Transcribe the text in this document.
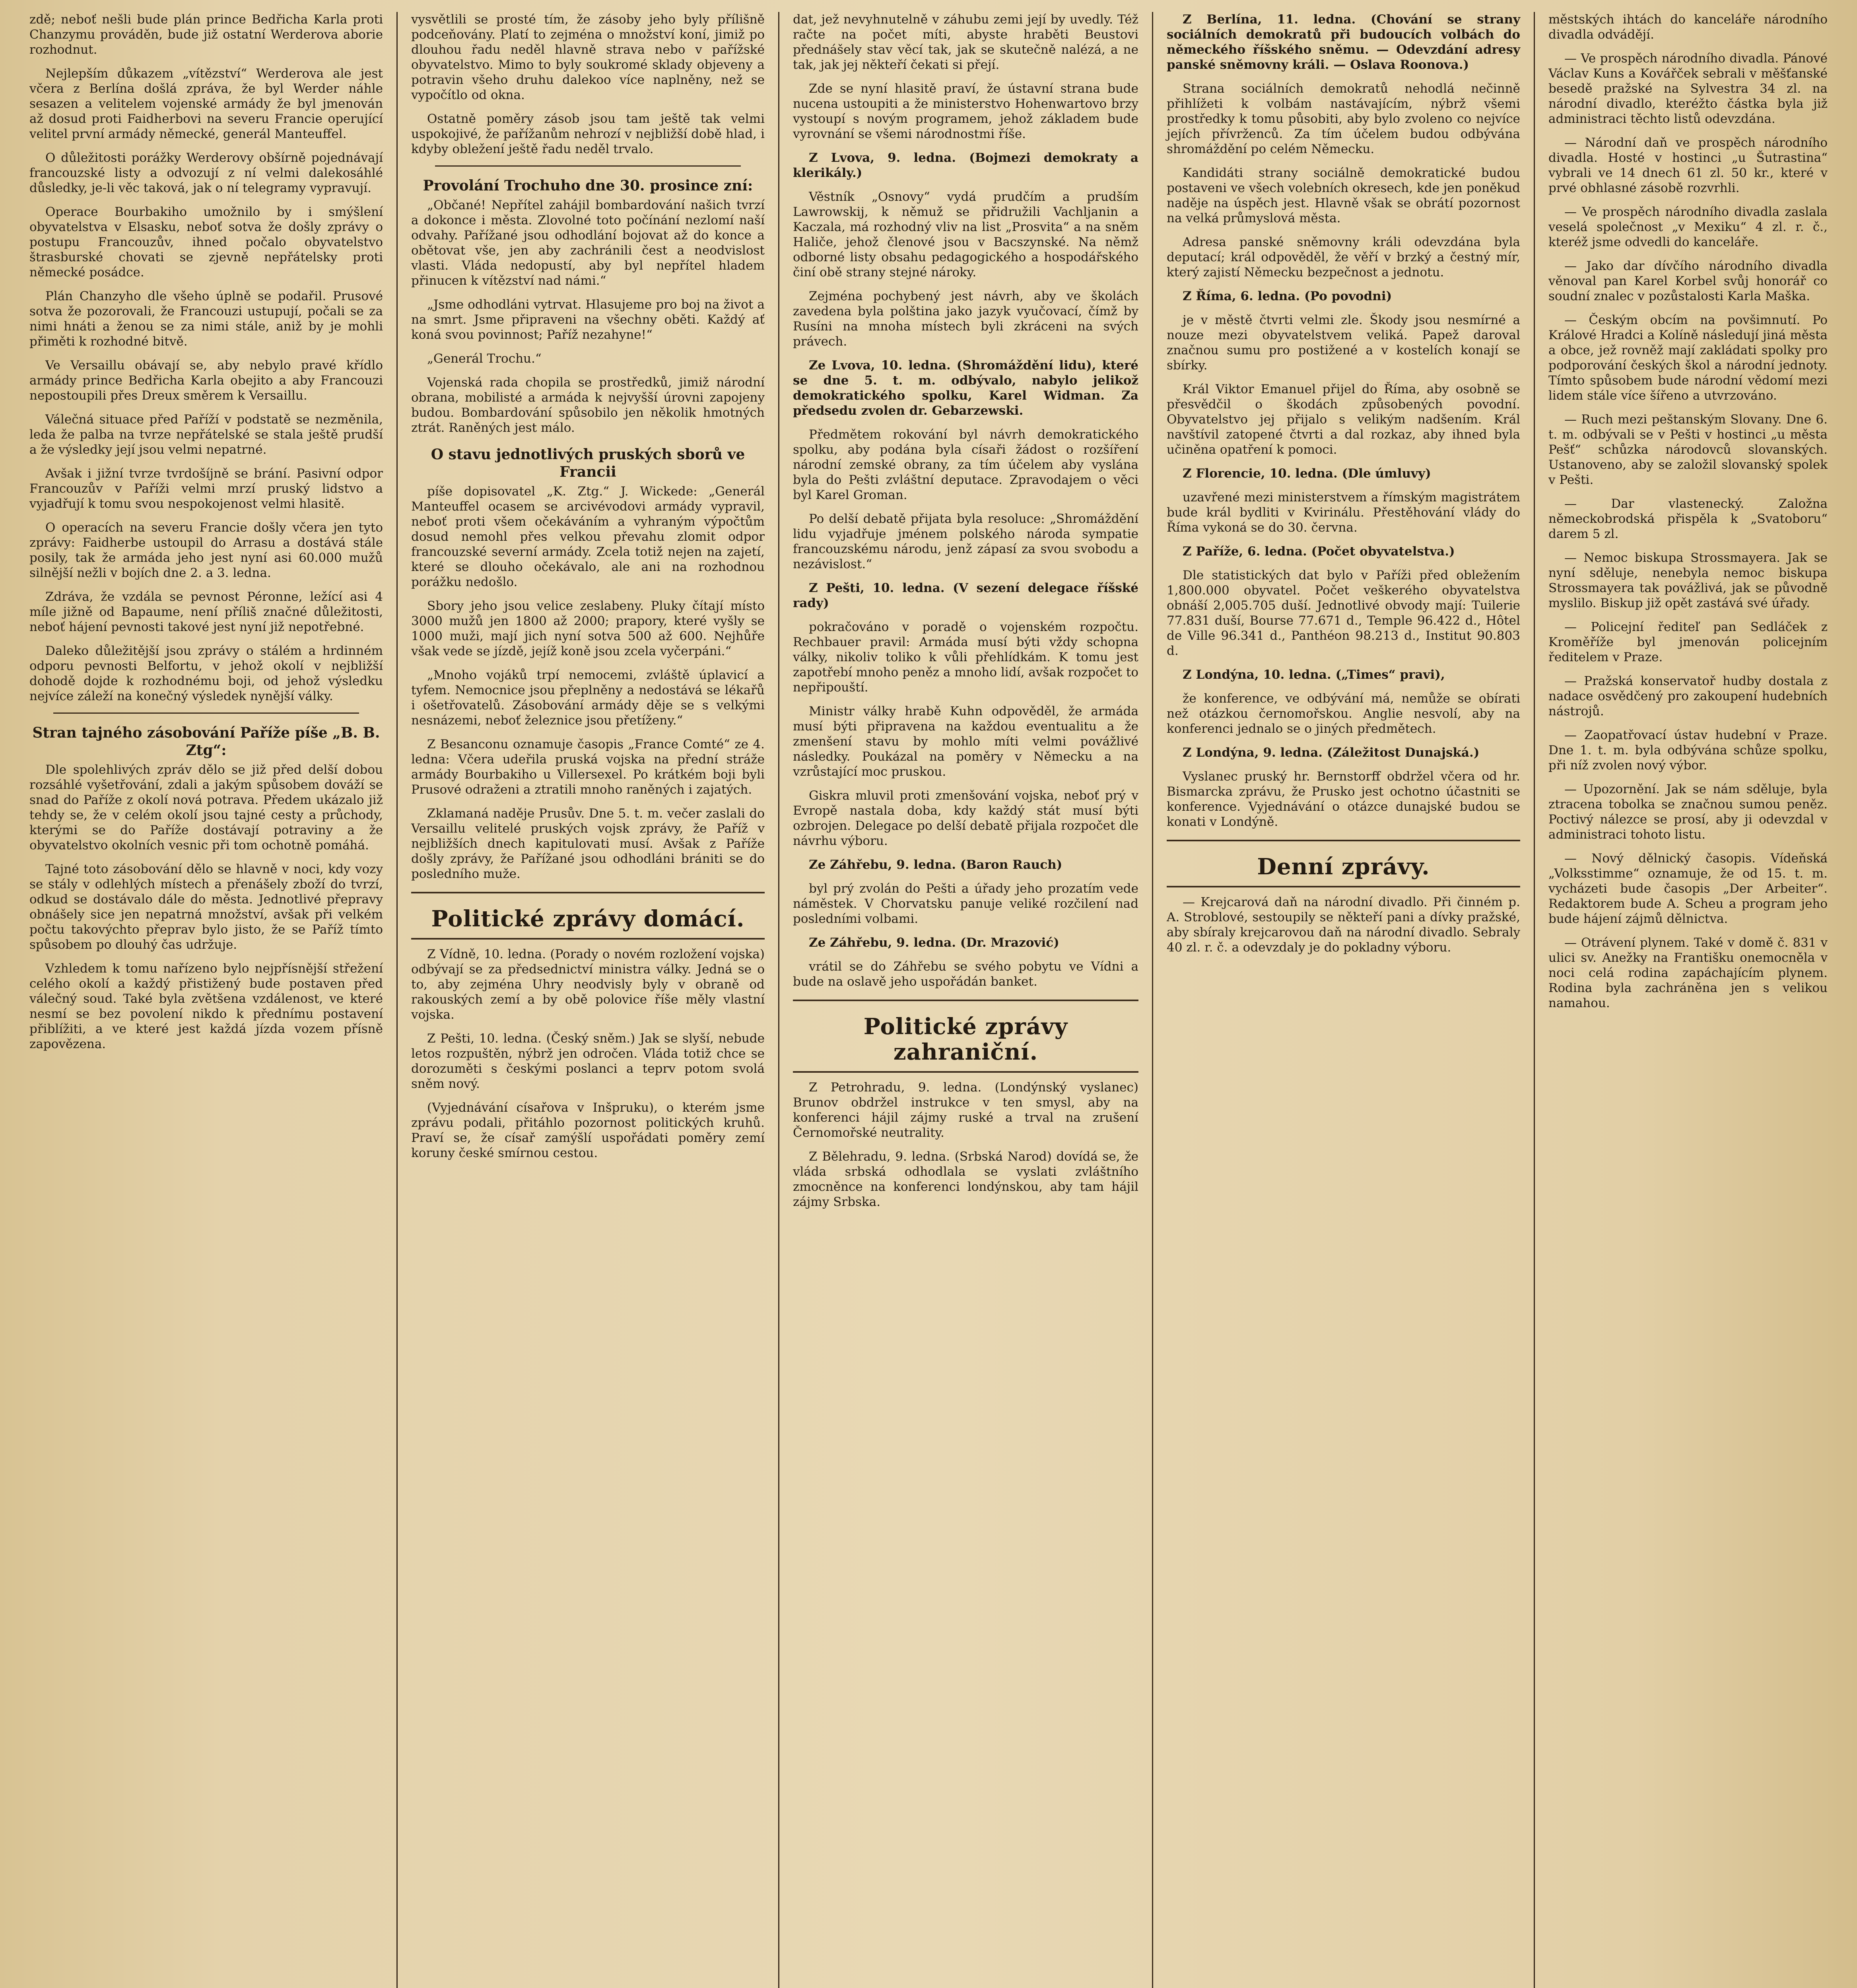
zdě; neboť nešli bude plán prince Bedřicha Karla proti Chanzymu prováděn, bude již ostatní Werderova aborie rozhodnut.

Nejlepším důkazem „vítězství“ Werderova ale jest včera z Berlína došlá zpráva, že byl Werder náhle sesazen a velitelem vojenské armády že byl jmenován až dosud proti Faidherbovi na severu Francie operující velitel první armády německé, generál Manteuffel.

O důležitosti porážky Werderovy obšírně pojednávají francouzské listy a odvozují z ní velmi dalekosáhlé důsledky, je-li věc taková, jak o ní telegramy vypravují.

Operace Bourbakiho umožnilo by i smýšlení obyvatelstva v Elsasku, neboť sotva že došly zprávy o postupu Francouzův, ihned počalo obyvatelstvo štrasburské chovati se zjevně nepřátelsky proti německé posádce.

Plán Chanzyho dle všeho úplně se podařil. Prusové sotva že pozorovali, že Francouzi ustupují, počali se za nimi hnáti a ženou se za nimi stále, aniž by je mohli přiměti k rozhodné bitvě.

Ve Versaillu obávají se, aby nebylo pravé křídlo armády prince Bedřicha Karla obejito a aby Francouzi nepostoupili přes Dreux směrem k Versaillu.

Válečná situace před Paříží v podstatě se nezměnila, leda že palba na tvrze nepřátelské se stala ještě prudší a že výsledky její jsou velmi nepatrné.

Avšak i jižní tvrze tvrdošíjně se brání. Pasivní odpor Francouzův v Paříži velmi mrzí pruský lidstvo a vyjadřují k tomu svou nespokojenost velmi hlasitě.

O operacích na severu Francie došly včera jen tyto zprávy: Faidherbe ustoupil do Arrasu a dostává stále posily, tak že armáda jeho jest nyní asi 60.000 mužů silnější nežli v bojích dne 2. a 3. ledna.

Zdráva, že vzdála se pevnost Péronne, ležící asi 4 míle jižně od Bapaume, není příliš značné důležitosti, neboť hájení pevnosti takové jest nyní již nepotřebné.

Daleko důležitější jsou zprávy o stálém a hrdinném odporu pevnosti Belfortu, v jehož okolí v nejbližší dohodě dojde k rozhodnému boji, od jehož výsledku nejvíce záleží na konečný výsledek nynější války.

Stran tajného zásobování Paříže píše „B. B. Ztg“:

Dle spolehlivých zpráv dělo se již před delší dobou rozsáhlé vyšetřování, zdali a jakým spůsobem dováží se snad do Paříže z okolí nová potrava. Předem ukázalo již tehdy se, že v celém okolí jsou tajné cesty a průchody, kterými se do Paříže dostávají potraviny a že obyvatelstvo okolních vesnic při tom ochotně pomáhá.

Tajné toto zásobování dělo se hlavně v noci, kdy vozy se stály v odlehlých místech a přenášely zboží do tvrzí, odkud se dostávalo dále do města. Jednotlivé přepravy obnášely sice jen nepatrná množství, avšak při velkém počtu takovýchto přeprav bylo jisto, že se Paříž tímto spůsobem po dlouhý čas udržuje.

Vzhledem k tomu nařízeno bylo nejpřísnější střežení celého okolí a každý přistižený bude postaven před válečný soud. Také byla zvětšena vzdálenost, ve které nesmí se bez povolení nikdo k přednímu postavení přiblížiti, a ve které jest každá jízda vozem přísně zapovězena.

vysvětlili se prosté tím, že zásoby jeho byly přílišně podceňovány. Platí to zejména o množství koní, jimiž po dlouhou řadu neděl hlavně strava nebo v pařížské obyvatelstvo. Mimo to byly soukromé sklady objeveny a potravin všeho druhu dalekoo více naplněny, než se vypočítlo od okna.

Ostatně poměry zásob jsou tam ještě tak velmi uspokojivé, že pařížanům nehrozí v nejbližší době hlad, i kdyby obležení ještě řadu neděl trvalo.

Provolání Trochuho dne 30. prosince zní:

„Občané! Nepřítel zahájil bombardování našich tvrzí a dokonce i města. Zlovolné toto počínání nezlomí naší odvahy. Pařížané jsou odhodlání bojovat až do konce a obětovat vše, jen aby zachránili čest a neodvislost vlasti. Vláda nedopustí, aby byl nepřítel hladem přinucen k vítězství nad námi.“

„Jsme odhodláni vytrvat. Hlasujeme pro boj na život a na smrt. Jsme připraveni na všechny oběti. Každý ať koná svou povinnost; Paříž nezahyne!“

„Generál Trochu.“

Vojenská rada chopila se prostředků, jimiž národní obrana, mobilisté a armáda k nejvyšší úrovni zapojeny budou. Bombardování spůsobilo jen několik hmotných ztrát. Raněných jest málo.

O stavu jednotlivých pruských sborů ve Francii

píše dopisovatel „K. Ztg.“ J. Wickede: „Generál Manteuffel ocasem se arcivévodovi armády vypravil, neboť proti všem očekáváním a vyhraným výpočtům dosud nemohl přes velkou převahu zlomit odpor francouzské severní armády. Zcela totiž nejen na zajetí, které se dlouho očekávalo, ale ani na rozhodnou porážku nedošlo.

Sbory jeho jsou velice zeslabeny. Pluky čítají místo 3000 mužů jen 1800 až 2000; prapory, které vyšly se 1000 muži, mají jich nyní sotva 500 až 600. Nejhůře však vede se jízdě, jejíž koně jsou zcela vyčerpáni.“

„Mnoho vojáků trpí nemocemi, zvláště úplavicí a tyfem. Nemocnice jsou přeplněny a nedostává se lékařů i ošetřovatelů. Zásobování armády děje se s velkými nesnázemi, neboť železnice jsou přetíženy.“

Z Besanconu oznamuje časopis „France Comté“ ze 4. ledna: Včera udeřila pruská vojska na přední stráže armády Bourbakiho u Villersexel. Po krátkém boji byli Prusové odraženi a ztratili mnoho raněných i zajatých.

Zklamaná naděje Prusův. Dne 5. t. m. večer zaslali do Versaillu velitelé pruských vojsk zprávy, že Paříž v nejbližších dnech kapitulovati musí. Avšak z Paříže došly zprávy, že Pařížané jsou odhodláni brániti se do posledního muže.

Politické zprávy domácí.

Z Vídně, 10. ledna. (Porady o novém rozložení vojska) odbývají se za předsednictví ministra války. Jedná se o to, aby zejména Uhry neodvisly byly v obraně od rakouských zemí a by obě polovice říše měly vlastní vojska.

Z Pešti, 10. ledna. (Český sněm.) Jak se slyší, nebude letos rozpuštěn, nýbrž jen odročen. Vláda totiž chce se dorozuměti s českými poslanci a teprv potom svolá sněm nový.

(Vyjednávání císařova v Inšpruku), o kterém jsme zprávu podali, přitáhlo pozornost politických kruhů. Praví se, že císař zamýšlí uspořádati poměry zemí koruny české smírnou cestou.

dat, jež nevyhnutelně v záhubu zemi její by uvedly. Též račte na počet míti, abyste hraběti Beustovi přednášely stav věcí tak, jak se skutečně nalézá, a ne tak, jak jej někteří čekati si přejí.

Zde se nyní hlasitě praví, že ústavní strana bude nucena ustoupiti a že ministerstvo Hohenwartovo brzy vystoupí s novým programem, jehož základem bude vyrovnání se všemi národnostmi říše.

Z Lvova, 9. ledna. (Bojmezi demokraty a klerikály.)

Věstník „Osnovy“ vydá prudčím a prudším Lawrowskij, k němuž se přidružili Vachljanin a Kaczala, má rozhodný vliv na list „Prosvita“ a na sněm Haliče, jehož členové jsou v Bacszynské. Na němž odborné listy obsahu pedagogického a hospodářského činí obě strany stejné nároky.

Zejména pochybený jest návrh, aby ve školách zavedena byla polština jako jazyk vyučovací, čímž by Rusíni na mnoha místech byli zkráceni na svých právech.

Ze Lvova, 10. ledna. (Shromáždění lidu), které se dne 5. t. m. odbývalo, nabylo jelikož demokratického spolku, Karel Widman. Za předsedu zvolen dr. Gebarzewski.

Předmětem rokování byl návrh demokratického spolku, aby podána byla císaři žádost o rozšíření národní zemské obrany, za tím účelem aby vyslána byla do Pešti zvláštní deputace. Zpravodajem o věci byl Karel Groman.

Po delší debatě přijata byla resoluce: „Shromáždění lidu vyjadřuje jménem polského národa sympatie francouzskému národu, jenž zápasí za svou svobodu a nezávislost.“

Z Pešti, 10. ledna. (V sezení delegace říšské rady)

pokračováno v poradě o vojenském rozpočtu. Rechbauer pravil: Armáda musí býti vždy schopna války, nikoliv toliko k vůli přehlídkám. K tomu jest zapotřebí mnoho peněz a mnoho lidí, avšak rozpočet to nepřipouští.

Ministr války hrabě Kuhn odpověděl, že armáda musí býti připravena na každou eventualitu a že zmenšení stavu by mohlo míti velmi povážlivé následky. Poukázal na poměry v Německu a na vzrůstající moc pruskou.

Giskra mluvil proti zmenšování vojska, neboť prý v Evropě nastala doba, kdy každý stát musí býti ozbrojen. Delegace po delší debatě přijala rozpočet dle návrhu výboru.

Ze Záhřebu, 9. ledna. (Baron Rauch)

byl prý zvolán do Pešti a úřady jeho prozatím vede náměstek. V Chorvatsku panuje veliké rozčilení nad posledními volbami.

Ze Záhřebu, 9. ledna. (Dr. Mrazović)

vrátil se do Záhřebu se svého pobytu ve Vídni a bude na oslavě jeho uspořádán banket.

Politické zprávy zahraniční.

Z Petrohradu, 9. ledna. (Londýnský vyslanec) Brunov obdržel instrukce v ten smysl, aby na konferenci hájil zájmy ruské a trval na zrušení Černomořské neutrality.

Z Bělehradu, 9. ledna. (Srbská Narod) dovídá se, že vláda srbská odhodlala se vyslati zvláštního zmocněnce na konferenci londýnskou, aby tam hájil zájmy Srbska.

Z Berlína, 11. ledna. (Chování se strany sociálních demokratů při budoucích volbách do německého říšského sněmu. — Odevzdání adresy panské sněmovny králi. — Oslava Roonova.)

Strana sociálních demokratů nehodlá nečinně přihlížeti k volbám nastávajícím, nýbrž všemi prostředky k tomu působiti, aby bylo zvoleno co nejvíce jejích přívrženců. Za tím účelem budou odbývána shromáždění po celém Německu.

Kandidáti strany sociálně demokratické budou postaveni ve všech volebních okresech, kde jen poněkud naděje na úspěch jest. Hlavně však se obrátí pozornost na velká průmyslová města.

Adresa panské sněmovny králi odevzdána byla deputací; král odpověděl, že věří v brzký a čestný mír, který zajistí Německu bezpečnost a jednotu.

Z Říma, 6. ledna. (Po povodni)

je v městě čtvrti velmi zle. Škody jsou nesmírné a nouze mezi obyvatelstvem veliká. Papež daroval značnou sumu pro postižené a v kostelích konají se sbírky.

Král Viktor Emanuel přijel do Říma, aby osobně se přesvědčil o škodách způsobených povodní. Obyvatelstvo jej přijalo s velikým nadšením. Král navštívil zatopené čtvrti a dal rozkaz, aby ihned byla učiněna opatření k pomoci.

Z Florencie, 10. ledna. (Dle úmluvy)

uzavřené mezi ministerstvem a římským magistrátem bude král bydliti v Kvirinálu. Přestěhování vlády do Říma vykoná se do 30. června.

Z Paříže, 6. ledna. (Počet obyvatelstva.)

Dle statistických dat bylo v Paříži před obležením 1,800.000 obyvatel. Počet veškerého obyvatelstva obnáší 2,005.705 duší. Jednotlivé obvody mají: Tuilerie 77.831 duší, Bourse 77.671 d., Temple 96.422 d., Hôtel de Ville 96.341 d., Panthéon 98.213 d., Institut 90.803 d.

Z Londýna, 10. ledna. („Times“ pravi),

že konference, ve odbývání má, nemůže se obírati než otázkou černomořskou. Anglie nesvolí, aby na konferenci jednalo se o jiných předmětech.

Z Londýna, 9. ledna. (Záležitost Dunajská.)

Vyslanec pruský hr. Bernstorff obdržel včera od hr. Bismarcka zprávu, že Prusko jest ochotno účastniti se konference. Vyjednávání o otázce dunajské budou se konati v Londýně.

Denní zprávy.

— Krejcarová daň na národní divadlo. Při činném p. A. Stroblové, sestoupily se někteří pani a dívky pražské, aby sbíraly krejcarovou daň na národní divadlo. Sebraly 40 zl. r. č. a odevzdaly je do pokladny výboru.

městských ihtách do kanceláře národního divadla odvádějí.

— Ve prospěch národního divadla. Pánové Václav Kuns a Kovářček sebrali v měšťanské besedě pražské na Sylvestra 34 zl. na národní divadlo, kteréžto částka byla již administraci těchto listů odevzdána.

— Národní daň ve prospěch národního divadla. Hosté v hostinci „u Šutrastina“ vybrali ve 14 dnech 61 zl. 50 kr., které v prvé obhlasné zásobě rozvrhli.

— Ve prospěch národního divadla zaslala veselá společnost „v Mexiku“ 4 zl. r. č., kteréž jsme odvedli do kanceláře.

— Jako dar dívčího národního divadla věnoval pan Karel Korbel svůj honorář co soudní znalec v pozůstalosti Karla Maška.

— Českým obcím na povšimnutí. Po Králové Hradci a Kolíně následují jiná města a obce, jež rovněž mají zakládati spolky pro podporování českých škol a národní jednoty. Tímto spůsobem bude národní vědomí mezi lidem stále více šířeno a utvrzováno.

— Ruch mezi peštanským Slovany. Dne 6. t. m. odbývali se v Pešti v hostinci „u města Pešť“ schůzka národovců slovanských. Ustanoveno, aby se založil slovanský spolek v Pešti.

— Dar vlastenecký. Založna německobrodská přispěla k „Svatoboru“ darem 5 zl.

— Nemoc biskupa Strossmayera. Jak se nyní sděluje, nenebyla nemoc biskupa Strossmayera tak povážlivá, jak se původně myslilo. Biskup již opět zastává své úřady.

— Policejní řediteľ pan Sedláček z Kroměříže byl jmenován policejním ředitelem v Praze.

— Pražská konservatoř hudby dostala z nadace osvědčený pro zakoupení hudebních nástrojů.

— Zaopatřovací ústav hudební v Praze. Dne 1. t. m. byla odbývána schůze spolku, při níž zvolen nový výbor.

— Upozornění. Jak se nám sděluje, byla ztracena tobolka se značnou sumou peněz. Poctivý nálezce se prosí, aby ji odevzdal v administraci tohoto listu.

— Nový dělnický časopis. Vídeňská „Volksstimme“ oznamuje, že od 15. t. m. vycházeti bude časopis „Der Arbeiter“. Redaktorem bude A. Scheu a program jeho bude hájení zájmů dělnictva.

— Otrávení plynem. Také v domě č. 831 v ulici sv. Anežky na Františku onemocněla v noci celá rodina zapáchajícím plynem. Rodina byla zachráněna jen s velikou namahou.
